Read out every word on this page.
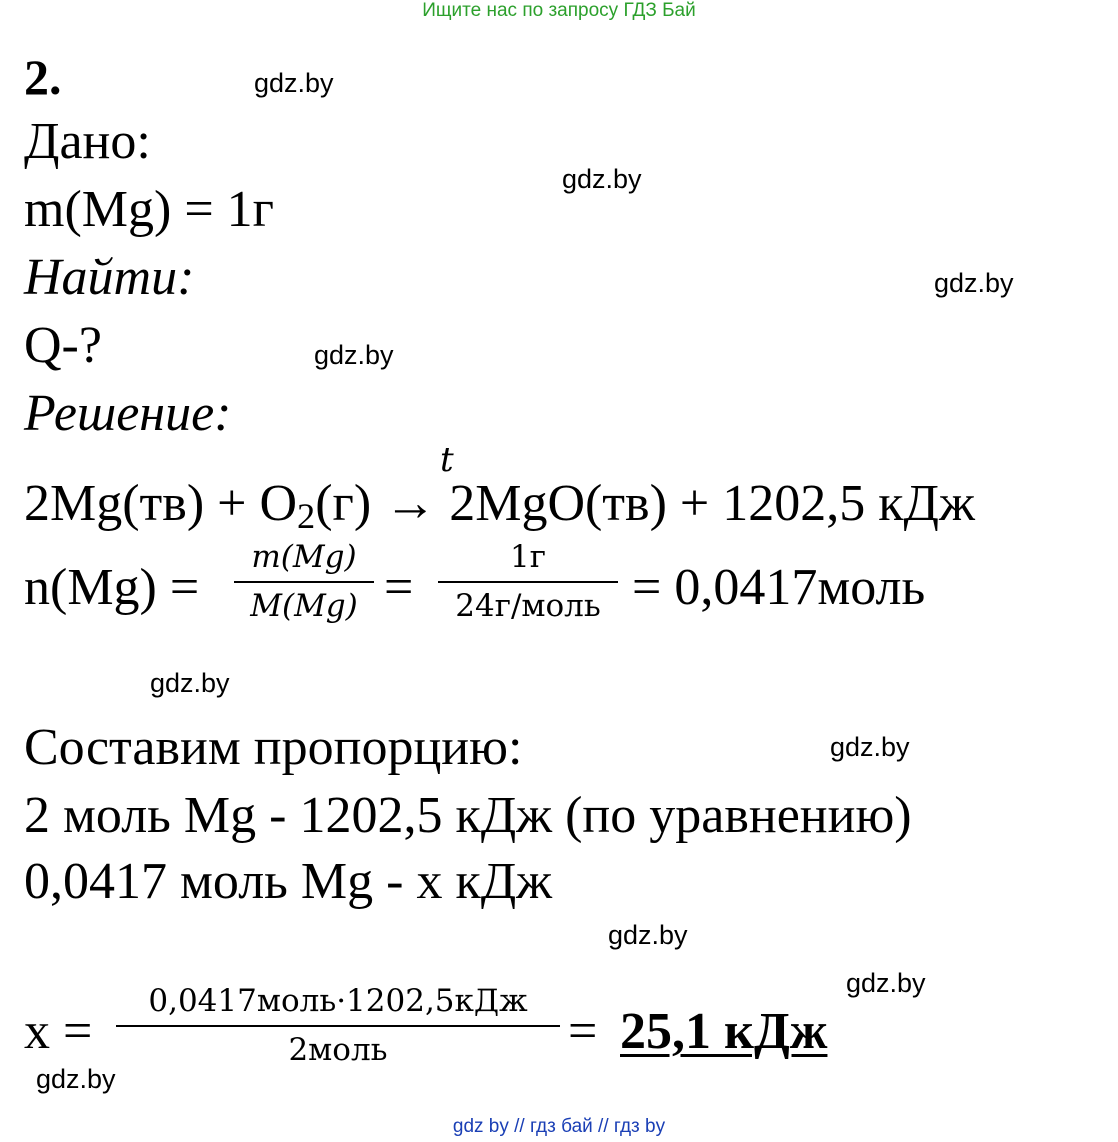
Ищите нас по запросу ГДЗ Бай
2.	gdz.by
gdz.by
gdz.by
gdz.by
gdz.by
gdz.by
gdz.by
gdz.by
gdz.by
Дано:
m(Mg) = 1г
Найти:
Q-?
Решение:
t
$2Mg(тв) + O_2(г) \to 2MgO(тв) + 1202,5$ кДж
n(Mg) =
m(Mg)
M(Mg) =
1г
24г/моль = 0,0417моль
Составим пропорцию:
2 моль Mg - 1202,5 кДж (по уравнению)
0,0417 моль Mg - x кДж
x =
0,0417моль·1202,5кДж
2моль	= 25,1 кДж
gdz by // гдз бай // гдз by
